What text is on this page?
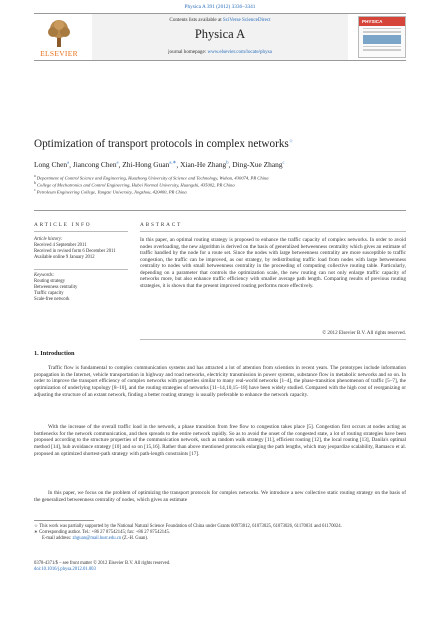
Physica A 391 (2012) 3336–3341
ELSEVIER
Contents lists available at SciVerse ScienceDirect
Physica A
journal homepage: www.elsevier.com/locate/physa
PHYSICA
Optimization of transport protocols in complex networks☆
Long Chen$^a$, Jiancong Chen$^a$, Zhi-Hong Guan$^{a,∗}$, Xian-He Zhang$^b$, Ding-Xue Zhang$^c$
$^a$ Department of Control Science and Engineering, Huazhong University of Science and Technology, Wuhan, 430074, PR China
$^b$ College of Mechatronics and Control Engineering, Hubei Normal University, Huangshi, 435002, PR China
$^c$ Petroleum Engineering College, Yangtze University, Jingzhou, 420400, PR China
ARTICLE INFO
Article history:
Received 4 September 2011
Received in revised form 6 December 2011
Available online 9 January 2012
Keywords:
Routing strategy
Betweenness centrality
Traffic capacity
Scale-free network
ABSTRACT
In this paper, an optimal routing strategy is proposed to enhance the traffic capacity of complex networks. In order to avoid nodes overloading, the new algorithm is derived on the basis of generalized betweenness centrality which gives an estimate of traffic handled by the node for a route set. Since the nodes with large betweenness centrality are more susceptible to traffic congestion, the traffic can be improved, as our strategy, by redistributing traffic load from nodes with large betweenness centrality to nodes with small betweenness centrality in the proceeding of computing collective routing table. Particularly, depending on a parameter that controls the optimization scale, the new routing can not only enlarge traffic capacity of networks more, but also enhance traffic efficiency with smaller average path length. Comparing results of previous routing strategies, it is shown that the present improved routing performs more effectively.
© 2012 Elsevier B.V. All rights reserved.
1. Introduction
Traffic flow is fundamental to complex communication systems and has attracted a lot of attention from scientists in recent years. The prototypes include information propagation in the Internet, vehicle transportation in highway and road networks, electricity transmission in power systems, substance flow in metabolic networks and so on. In order to improve the transport efficiency of complex networks with properties similar to many real-world networks [1–4], the phase-transition phenomenon of traffic [5–7], the optimization of underlying topology [8–10], and the routing strategies of networks [11–14,10,15–18] have been widely studied. Compared with the high cost of reorganizing or adjusting the structure of an extant network, finding a better routing strategy is usually preferable to enhance the network capacity.
With the increase of the overall traffic load in the network, a phase transition from free flow to congestion takes place [5]. Congestion first occurs at nodes acting as bottlenecks for the network communication, and then spreads to the entire network rapidly. So as to avoid the onset of the congested state, a lot of routing strategies have been proposed according to the structure properties of the communication network, such as random walk strategy [11], efficient routing [12], the local routing [13], Danila's optimal method [14], hub avoidance strategy [10] and so on [15,16]. Rather than above mentioned protocols enlarging the path lengths, which may jeopardize scalability, Ramasco et al. proposed an optimized shortest-path strategy with path-length constraints [17].
In this paper, we focus on the problem of optimizing the transport protocols for complex networks. We introduce a new collective static routing strategy on the basis of the generalized betweenness centrality of nodes, which gives an estimate
☆ This work was partially supported by the National Natural Science Foundation of China under Grants 60973012, 61073025, 61073026, 61170031 and 61170024.
∗ Corresponding author. Tel.: +86 27 87542145; fax: +86 27 87542145.
E-mail address: zhguan@mail.hust.edu.cn (Z.-H. Guan).
0378-4371/$ – see front matter © 2012 Elsevier B.V. All rights reserved.
doi:10.1016/j.physa.2012.01.003
